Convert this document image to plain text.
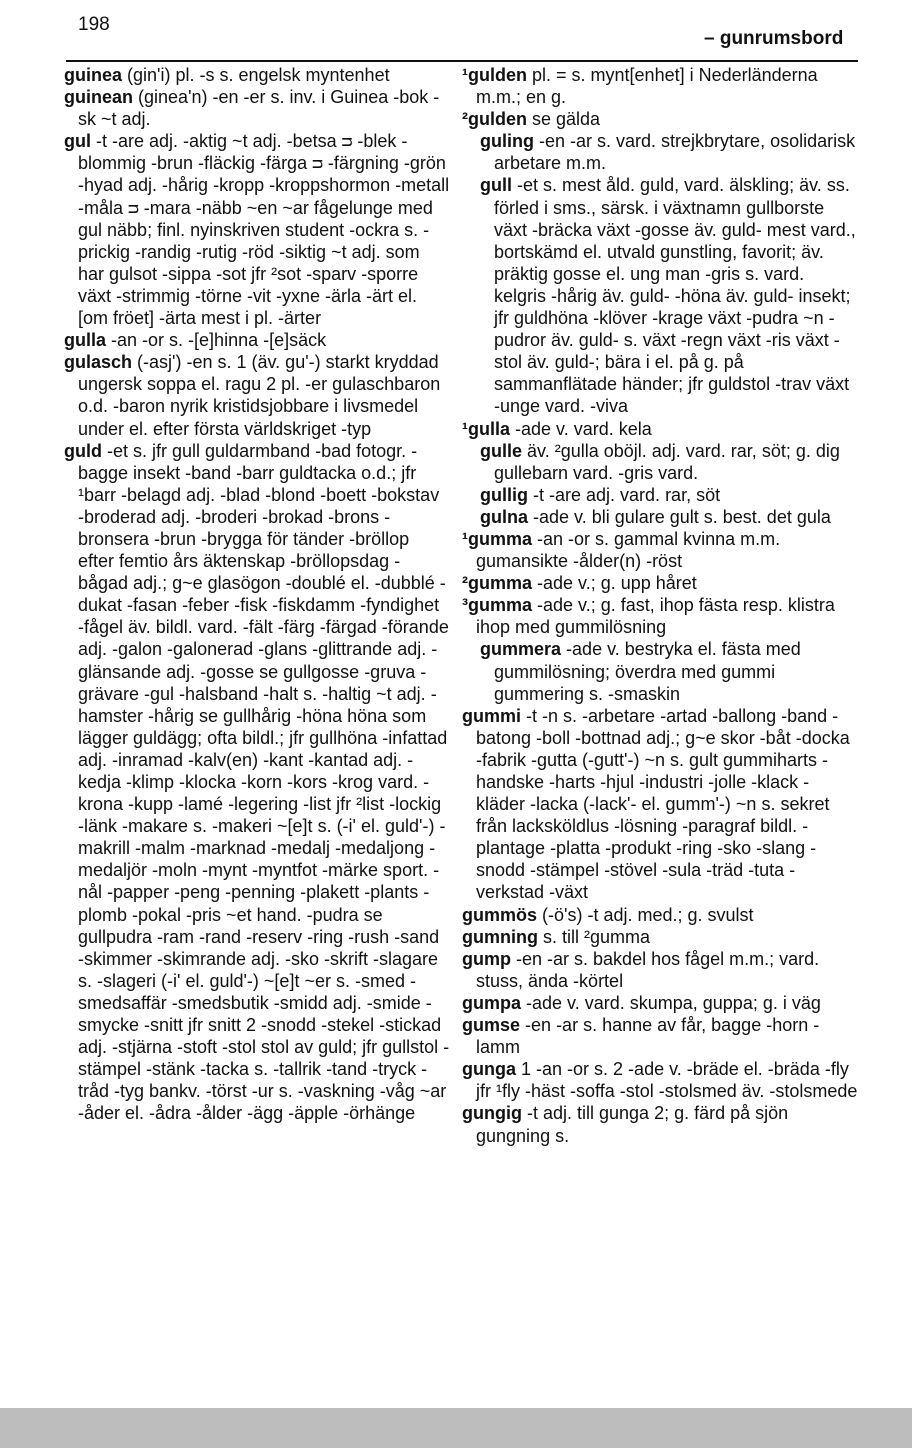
198
– gunrumsbord

guinea (gin'i) pl. -s s. engelsk myntenhet

guinean (ginea'n) -en -er s. inv. i Guinea -bok -sk ~t adj.

gul -t -are adj. -aktig ~t adj. -betsa ᴝ -blek -blommig -brun -fläckig -färga ᴝ -färgning -grön -hyad adj. -hårig -kropp -kroppshormon -metall -måla ᴝ -mara -näbb ~en ~ar fågelunge med gul näbb; finl. nyinskriven student -ockra s. -prickig -randig -rutig -röd -siktig ~t adj. som har gulsot -sippa -sot jfr ²sot -sparv -sporre växt -strimmig -törne -vit -yxne -ärla -ärt el. [om fröet] -ärta mest i pl. -ärter

gulla -an -or s. -[e]hinna -[e]säck

gulasch (-asj') -en s. 1 (äv. gu'-) starkt kryddad ungersk soppa el. ragu 2 pl. -er gulaschbaron o.d. -baron nyrik kristidsjobbare i livsmedel under el. efter första världskriget -typ

guld -et s. jfr gull guldarmband -bad fotogr. -bagge insekt -band -barr guldtacka o.d.; jfr ¹barr -belagd adj. -blad -blond -boett -bokstav -broderad adj. -broderi -brokad -brons -bronsera -brun -brygga för tänder -bröllop efter femtio års äktenskap -bröllopsdag -bågad adj.; g~e glasögon -doublé el. -dubblé -dukat -fasan -feber -fisk -fiskdamm -fyndighet -fågel äv. bildl. vard. -fält -färg -färgad -förande adj. -galon -galonerad -glans -glittrande adj. -glänsande adj. -gosse se gullgosse -gruva -grävare -gul -halsband -halt s. -haltig ~t adj. -hamster -hårig se gullhårig -höna höna som lägger guldägg; ofta bildl.; jfr gullhöna -infattad adj. -inramad -kalv(en) -kant -kantad adj. -kedja -klimp -klocka -korn -kors -krog vard. -krona -kupp -lamé -legering -list jfr ²list -lockig -länk -makare s. -makeri ~[e]t s. (-i' el. guld'-) -makrill -malm -marknad -medalj -medaljong -medaljör -moln -mynt -myntfot -märke sport. -nål -papper -peng -penning -plakett -plants -plomb -pokal -pris ~et hand. -pudra se gullpudra -ram -rand -reserv -ring -rush -sand -skimmer -skimrande adj. -sko -skrift -slagare s. -slageri (-i' el. guld'-) ~[e]t ~er s. -smed -smedsaffär -smedsbutik -smidd adj. -smide -smycke -snitt jfr snitt 2 -snodd -stekel -stickad adj. -stjärna -stoft -stol stol av guld; jfr gullstol -stämpel -stänk -tacka s. -tallrik -tand -tryck -tråd -tyg bankv. -törst -ur s. -vaskning -våg ~ar -åder el. -ådra -ålder -ägg -äpple -örhänge

¹gulden pl. = s. mynt[enhet] i Nederländerna m.m.; en g.

²gulden se gälda

guling -en -ar s. vard. strejkbrytare, osolidarisk arbetare m.m.

gull -et s. mest åld. guld, vard. älskling; äv. ss. förled i sms., särsk. i växtnamn gullborste växt -bräcka växt -gosse äv. guld- mest vard., bortskämd el. utvald gunstling, favorit; äv. präktig gosse el. ung man -gris s. vard. kelgris -hårig äv. guld- -höna äv. guld- insekt; jfr guldhöna -klöver -krage växt -pudra ~n -pudror äv. guld- s. växt -regn växt -ris växt -stol äv. guld-; bära i el. på g. på sammanflätade händer; jfr guldstol -trav växt -unge vard. -viva

¹gulla -ade v. vard. kela

gulle äv. ²gulla oböjl. adj. vard. rar, söt; g. dig gullebarn vard. -gris vard.

gullig -t -are adj. vard. rar, söt

gulna -ade v. bli gulare gult s. best. det gula

¹gumma -an -or s. gammal kvinna m.m. gumansikte -ålder(n) -röst

²gumma -ade v.; g. upp håret

³gumma -ade v.; g. fast, ihop fästa resp. klistra ihop med gummilösning

gummera -ade v. bestryka el. fästa med gummilösning; överdra med gummi gummering s. -smaskin

gummi -t -n s. -arbetare -artad -ballong -band -batong -boll -bottnad adj.; g~e skor -båt -docka -fabrik -gutta (-gutt'-) ~n s. gult gummiharts -handske -harts -hjul -industri -jolle -klack -kläder -lacka (-lack'- el. gumm'-) ~n s. sekret från lacksköldlus -lösning -paragraf bildl. -plantage -platta -produkt -ring -sko -slang -snodd -stämpel -stövel -sula -träd -tuta -verkstad -växt

gummös (-ö's) -t adj. med.; g. svulst

gumning s. till ²gumma

gump -en -ar s. bakdel hos fågel m.m.; vard. stuss, ända -körtel

gumpa -ade v. vard. skumpa, guppa; g. i väg

gumse -en -ar s. hanne av får, bagge -horn -lamm

gunga 1 -an -or s. 2 -ade v. -bräde el. -bräda -fly jfr ¹fly -häst -soffa -stol -stolsmed äv. -stolsmede

gungig -t adj. till gunga 2; g. färd på sjön gungning s.
